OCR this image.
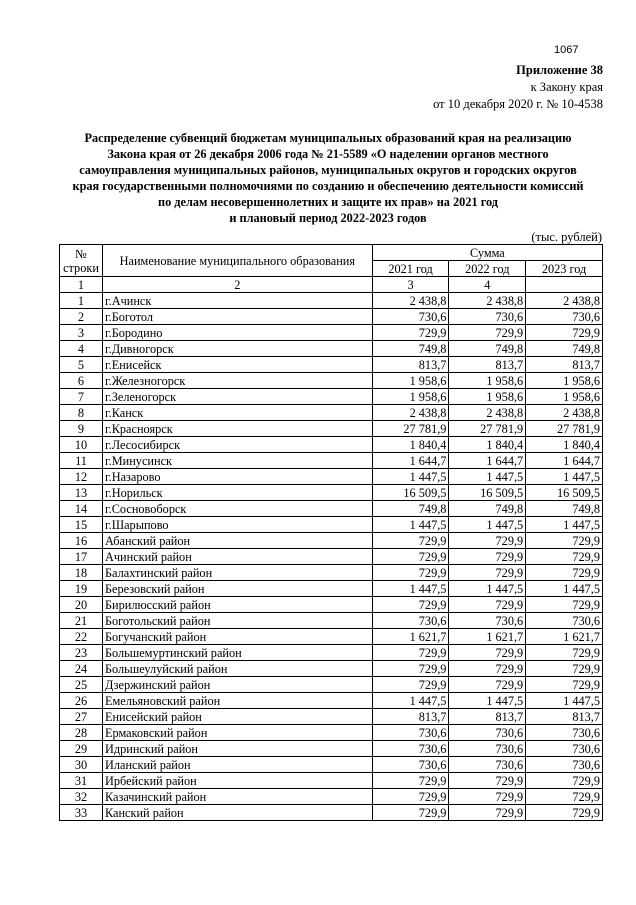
1067
Приложение 38
к Закону края
от 10 декабря 2020 г. № 10-4538
Распределение субвенций бюджетам муниципальных образований края на реализацию
Закона края от 26 декабря 2006 года № 21-5589 «О наделении органов местного
самоуправления муниципальных районов, муниципальных округов и городских округов
края государственными полномочиями по созданию и обеспечению деятельности комиссий
по делам несовершеннолетних и защите их прав» на 2021 год
и плановый период 2022-2023 годов
(тыс. рублей)
№
строки	Наименование муниципального образования	Сумма		
		2021 год	2022 год	2023 год
1	2	3	4	
1	г.Ачинск	2 438,8	2 438,8	2 438,8
2	г.Боготол	730,6	730,6	730,6
3	г.Бородино	729,9	729,9	729,9
4	г.Дивногорск	749,8	749,8	749,8
5	г.Енисейск	813,7	813,7	813,7
6	г.Железногорск	1 958,6	1 958,6	1 958,6
7	г.Зеленогорск	1 958,6	1 958,6	1 958,6
8	г.Канск	2 438,8	2 438,8	2 438,8
9	г.Красноярск	27 781,9	27 781,9	27 781,9
10	г.Лесосибирск	1 840,4	1 840,4	1 840,4
11	г.Минусинск	1 644,7	1 644,7	1 644,7
12	г.Назарово	1 447,5	1 447,5	1 447,5
13	г.Норильск	16 509,5	16 509,5	16 509,5
14	г.Сосновоборск	749,8	749,8	749,8
15	г.Шарыпово	1 447,5	1 447,5	1 447,5
16	Абанский район	729,9	729,9	729,9
17	Ачинский район	729,9	729,9	729,9
18	Балахтинский район	729,9	729,9	729,9
19	Березовский район	1 447,5	1 447,5	1 447,5
20	Бирилюсский район	729,9	729,9	729,9
21	Боготольский район	730,6	730,6	730,6
22	Богучанский район	1 621,7	1 621,7	1 621,7
23	Большемуртинский район	729,9	729,9	729,9
24	Большеулуйский район	729,9	729,9	729,9
25	Дзержинский район	729,9	729,9	729,9
26	Емельяновский район	1 447,5	1 447,5	1 447,5
27	Енисейский район	813,7	813,7	813,7
28	Ермаковский район	730,6	730,6	730,6
29	Идринский район	730,6	730,6	730,6
30	Иланский район	730,6	730,6	730,6
31	Ирбейский район	729,9	729,9	729,9
32	Казачинский район	729,9	729,9	729,9
33	Канский район	729,9	729,9	729,9
